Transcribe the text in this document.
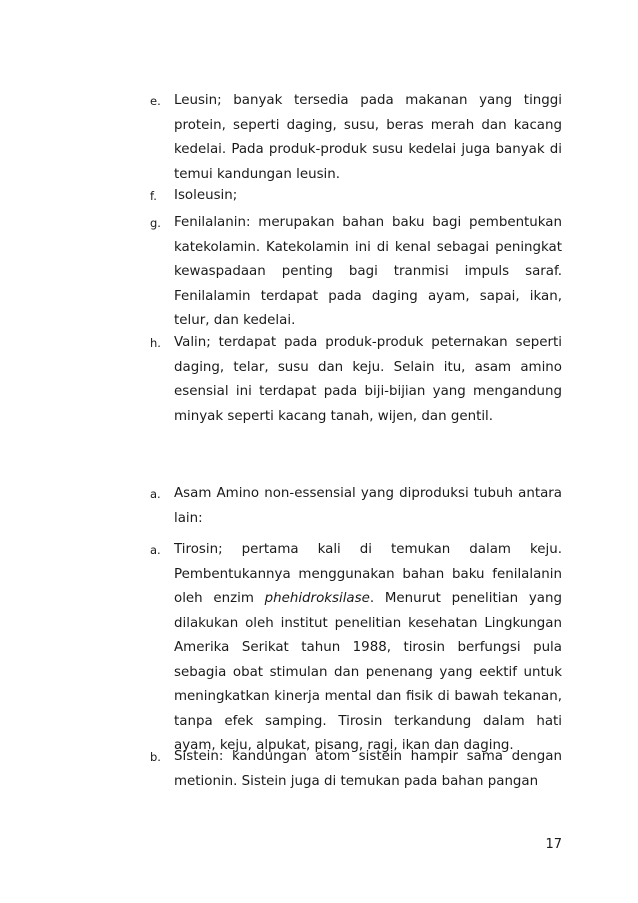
e. Leusin; banyak tersedia pada makanan yang tinggi protein, seperti daging, susu, beras merah dan kacang kedelai. Pada produk-produk susu kedelai juga banyak di temui kandungan leusin.
f. Isoleusin;
g. Fenilalanin: merupakan bahan baku bagi pembentukan katekolamin. Katekolamin ini di kenal sebagai peningkat kewaspadaan penting bagi tranmisi impuls saraf. Fenilalamin terdapat pada daging ayam, sapai, ikan, telur, dan kedelai.
h. Valin; terdapat pada produk-produk peternakan seperti daging, telar, susu dan keju. Selain itu, asam amino esensial ini terdapat pada biji-bijian yang mengandung minyak seperti kacang tanah, wijen, dan gentil.
a. Asam Amino non-essensial yang diproduksi tubuh antara lain:
a. Tirosin; pertama kali di temukan dalam keju. Pembentukannya menggunakan bahan baku fenilalanin oleh enzim phehidroksilase. Menurut penelitian yang dilakukan oleh institut penelitian kesehatan Lingkungan Amerika Serikat tahun 1988, tirosin berfungsi pula sebagia obat stimulan dan penenang yang eektif untuk meningkatkan kinerja mental dan fisik di bawah tekanan, tanpa efek samping. Tirosin terkandung dalam hati ayam, keju, alpukat, pisang, ragi, ikan dan daging.
b. Sistein: kandungan atom sistein hampir sama dengan metionin. Sistein juga di temukan pada bahan pangan
17
